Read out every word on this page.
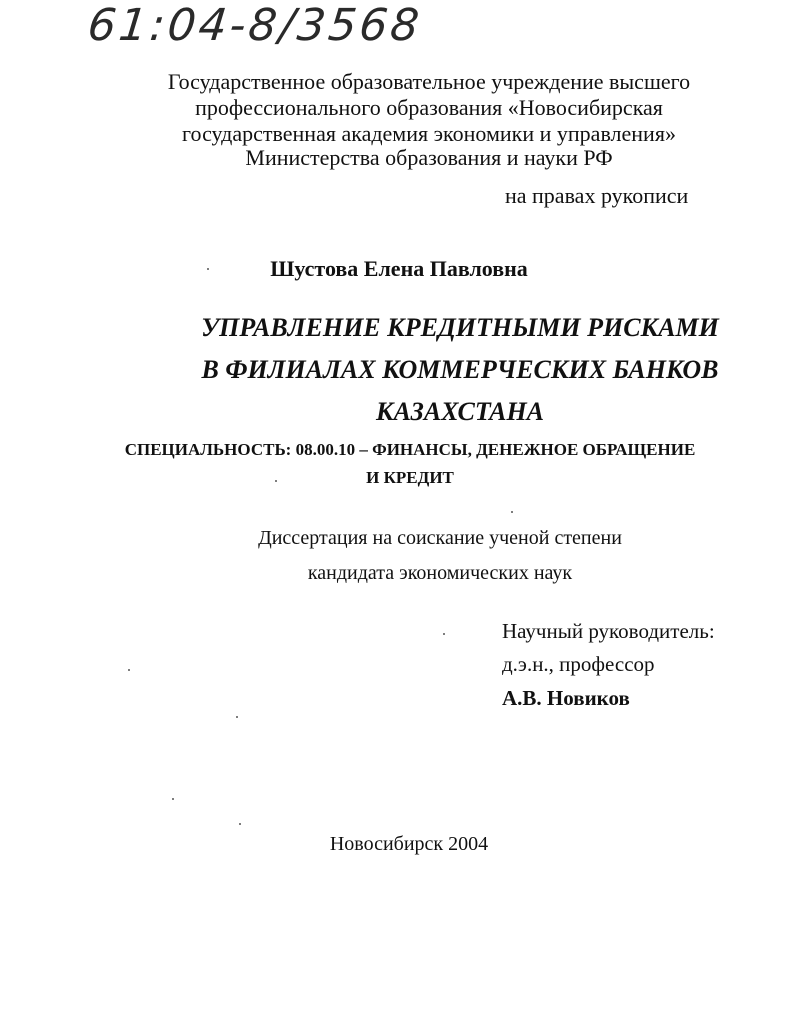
61:04-8/3568
Государственное образовательное учреждение высшего
профессионального образования «Новосибирская
государственная академия экономики и управления»
Министерства образования и науки РФ
на правах рукописи
Шустова Елена Павловна
УПРАВЛЕНИЕ КРЕДИТНЫМИ РИСКАМИ
В ФИЛИАЛАХ КОММЕРЧЕСКИХ БАНКОВ
КАЗАХСТАНА
СПЕЦИАЛЬНОСТЬ: 08.00.10 – ФИНАНСЫ, ДЕНЕЖНОЕ ОБРАЩЕНИЕ
И КРЕДИТ
Диссертация на соискание ученой степени
кандидата экономических наук
Научный руководитель:
д.э.н., профессор
А.В. Новиков
Новосибирск 2004
